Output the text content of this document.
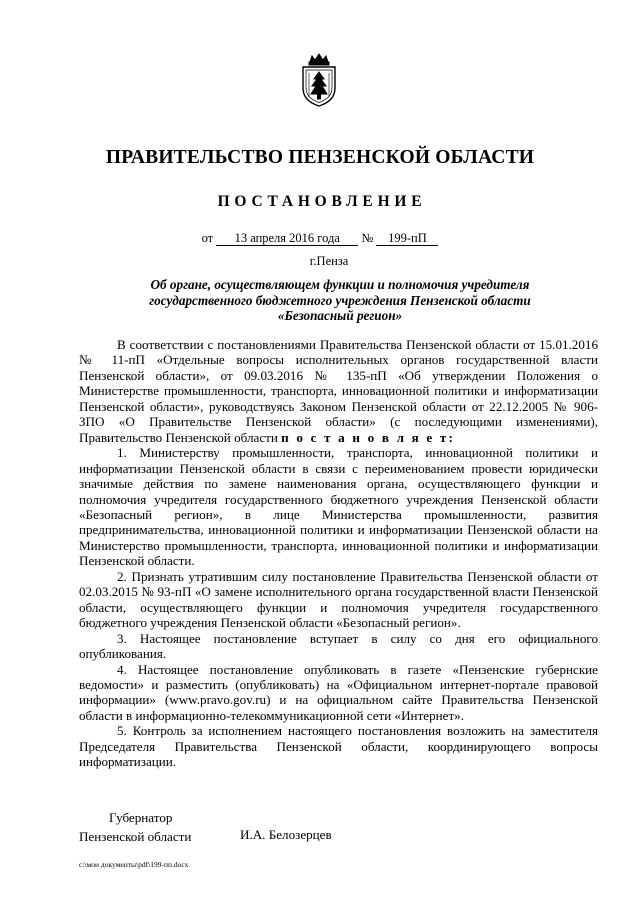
ПРАВИТЕЛЬСТВО ПЕНЗЕНСКОЙ ОБЛАСТИ
ПОСТАНОВЛЕНИЕ
от 13 апреля 2016 года № 199-пП
г.Пенза
Об органе, осуществляющем функции и полномочия учредителя
государственного бюджетного учреждения Пензенской области
«Безопасный регион»

В соответствии с постановлениями Правительства Пензенской области от 15.01.2016 № 11-пП «Отдельные вопросы исполнительных органов государственной власти Пензенской области», от 09.03.2016 № 135-пП «Об утверждении Положения о Министерстве промышленности, транспорта, инновационной политики и информатизации Пензенской области», руководствуясь Законом Пензенской области от 22.12.2005 № 906-ЗПО «О Правительстве Пензенской области» (с последующими изменениями), Правительство Пензенской области п о с т а н о в л я е т:

1. Министерству промышленности, транспорта, инновационной политики и информатизации Пензенской области в связи с переименованием провести юридически значимые действия по замене наименования органа, осуществляющего функции и полномочия учредителя государственного бюджетного учреждения Пензенской области «Безопасный регион», в лице Министерства промышленности, развития предпринимательства, инновационной политики и информатизации Пензенской области на Министерство промышленности, транспорта, инновационной политики и информатизации Пензенской области.

2. Признать утратившим силу постановление Правительства Пензенской области от 02.03.2015 № 93-пП «О замене исполнительного органа государственной власти Пензенской области, осуществляющего функции и полномочия учредителя государственного бюджетного учреждения Пензенской области «Безопасный регион».

3. Настоящее постановление вступает в силу со дня его официального опубликования.

4. Настоящее постановление опубликовать в газете «Пензенские губернские ведомости» и разместить (опубликовать) на «Официальном интернет-портале правовой информации» (www.pravo.gov.ru) и на официальном сайте Правительства Пензенской области в информационно-телекоммуникационной сети «Интернет».

5. Контроль за исполнением настоящего постановления возложить на заместителя Председателя Правительства Пензенской области, координирующего вопросы информатизации.

Губернатор
Пензенской области	И.А. Белозерцев
c:\мои документы\pdf\199-пп.docx
